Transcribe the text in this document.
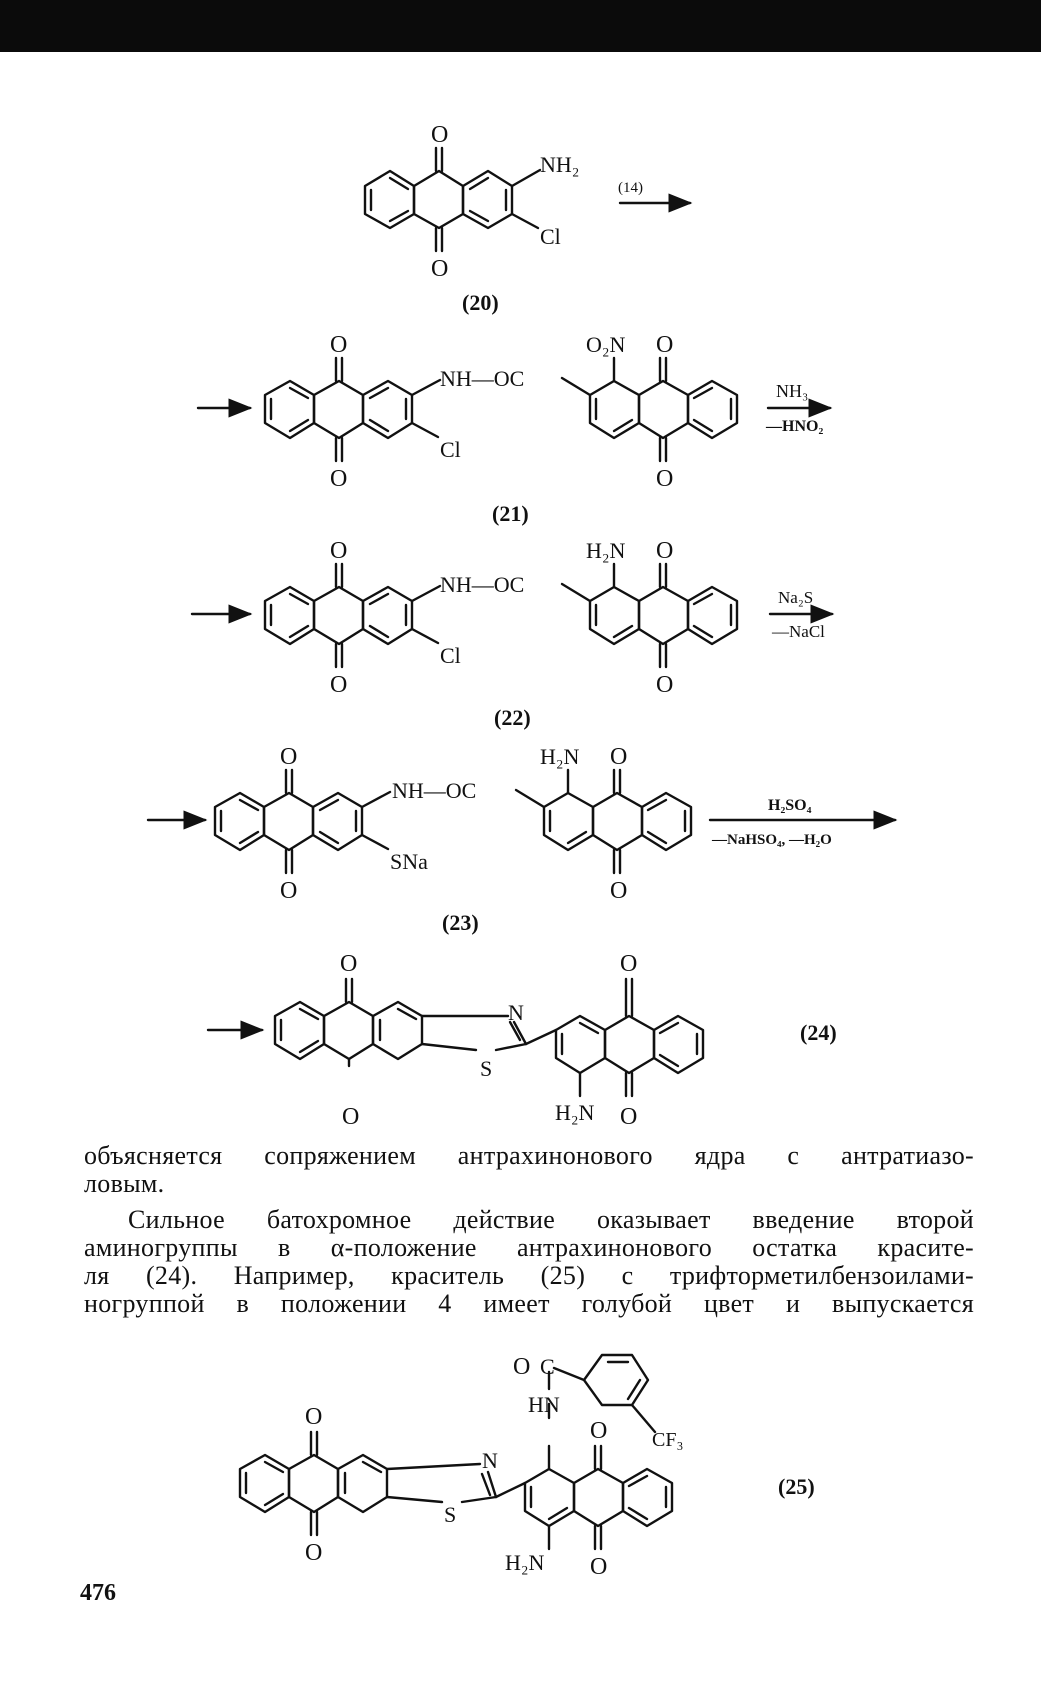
O
O
NH₂
Cl
(20)
(14)
O
O
O
O
NH—OC
Cl
O₂N
(21)
NH₃
—HNO₂
O
O
O
O
NH—OC
Cl
H₂N
(22)
Na₂S
—NaCl
O
O
O
O
NH—OC
SNa
H₂N
(23)
H₂SO₄
—NaHSO₄, —H₂O
O
O
O
O
N
S
H₂N
(24)
O
O
O
O
O C
HN
CF₃
N
S
H₂N
(25)
объясняется сопряжением антрахинонового ядра с антратиазо-
ловым.
Сильное батохромное действие оказывает введение второй
аминогруппы в α-положение антрахинонового остатка красите-
ля (24). Например, краситель (25) с трифторметилбензоилами-
ногруппой в положении 4 имеет голубой цвет и выпускается
476
